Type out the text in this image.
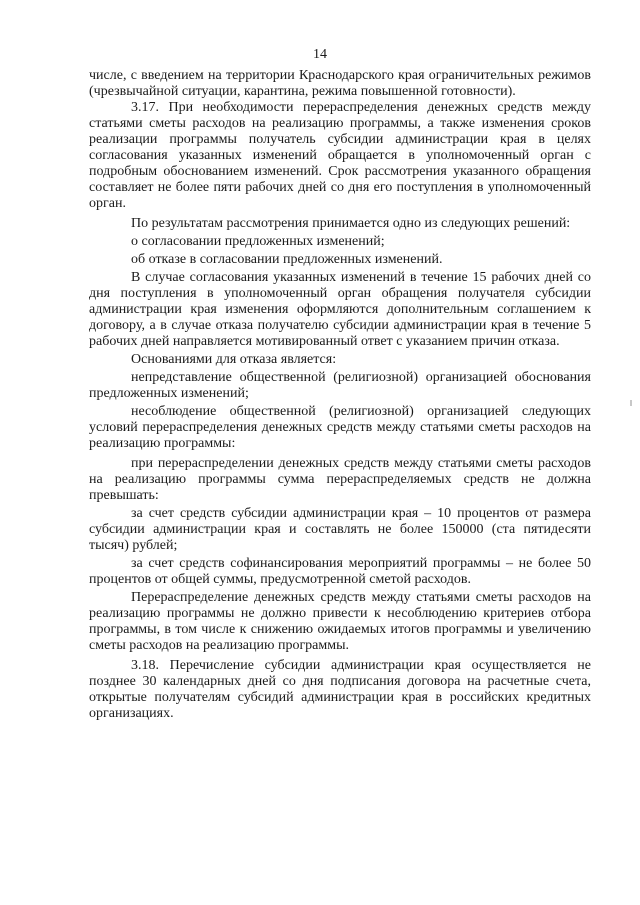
14

числе, с введением на территории Краснодарского края ограничительных режимов (чрезвычайной ситуации, карантина, режима повышенной готовности).

3.17. При необходимости перераспределения денежных средств между статьями сметы расходов на реализацию программы, а также изменения сроков реализации программы получатель субсидии администрации края в целях согласования указанных изменений обращается в уполномоченный орган с подробным обоснованием изменений. Срок рассмотрения указанного обращения составляет не более пяти рабочих дней со дня его поступления в уполномоченный орган.

По результатам рассмотрения принимается одно из следующих решений:

о согласовании предложенных изменений;

об отказе в согласовании предложенных изменений.

В случае согласования указанных изменений в течение 15 рабочих дней со дня поступления в уполномоченный орган обращения получателя субсидии администрации края изменения оформляются дополнительным соглашением к договору, а в случае отказа получателю субсидии администрации края в течение 5 рабочих дней направляется мотивированный ответ с указанием причин отказа.

Основаниями для отказа является:

непредставление общественной (религиозной) организацией обоснования предложенных изменений;

несоблюдение общественной (религиозной) организацией следующих условий перераспределения денежных средств между статьями сметы расходов на реализацию программы:

при перераспределении денежных средств между статьями сметы расходов на реализацию программы сумма перераспределяемых средств не должна превышать:

за счет средств субсидии администрации края – 10 процентов от размера субсидии администрации края и составлять не более 150000 (ста пятидесяти тысяч) рублей;

за счет средств софинансирования мероприятий программы – не более 50 процентов от общей суммы, предусмотренной сметой расходов.

Перераспределение денежных средств между статьями сметы расходов на реализацию программы не должно привести к несоблюдению критериев отбора программы, в том числе к снижению ожидаемых итогов программы и увеличению сметы расходов на реализацию программы.

3.18. Перечисление субсидии администрации края осуществляется не позднее 30 календарных дней со дня подписания договора на расчетные счета, открытые получателям субсидий администрации края в российских кредитных организациях.
